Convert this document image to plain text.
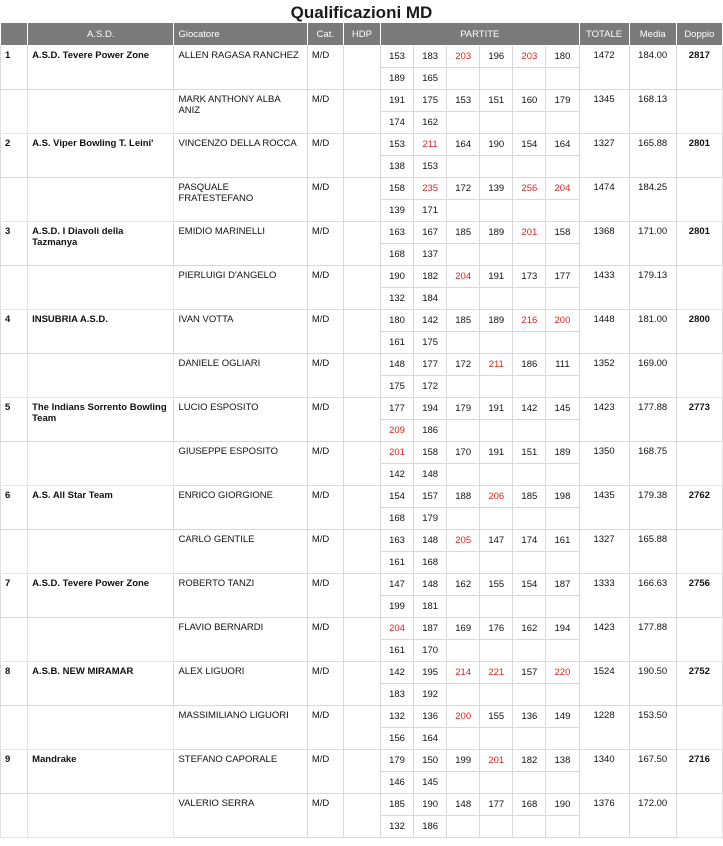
Qualificazioni MD
	A.S.D.	Giocatore	Cat.	HDP	PARTITE						TOTALE	Media	Doppio
1	A.S.D. Tevere Power Zone	ALLEN RAGASA RANCHEZ	M/D		153	183	203	196	203	180	1472	184.00	2817
					189	165							
		MARK ANTHONY ALBA ANIZ	M/D		191	175	153	151	160	179	1345	168.13	
					174	162							
2	A.S. Viper Bowling T. Leini'	VINCENZO DELLA ROCCA	M/D		153	211	164	190	154	164	1327	165.88	2801
					138	153							
		PASQUALE FRATESTEFANO	M/D		158	235	172	139	256	204	1474	184.25	
					139	171							
3	A.S.D. I Diavoli della Tazmanya	EMIDIO MARINELLI	M/D		163	167	185	189	201	158	1368	171.00	2801
					168	137							
		PIERLUIGI D'ANGELO	M/D		190	182	204	191	173	177	1433	179.13	
					132	184							
4	INSUBRIA A.S.D.	IVAN VOTTA	M/D		180	142	185	189	216	200	1448	181.00	2800
					161	175							
		DANIELE OGLIARI	M/D		148	177	172	211	186	111	1352	169.00	
					175	172							
5	The Indians Sorrento Bowling Team	LUCIO ESPOSITO	M/D		177	194	179	191	142	145	1423	177.88	2773
					209	186							
		GIUSEPPE ESPOSITO	M/D		201	158	170	191	151	189	1350	168.75	
					142	148							
6	A.S. All Star Team	ENRICO GIORGIONE	M/D		154	157	188	206	185	198	1435	179.38	2762
					168	179							
		CARLO GENTILE	M/D		163	148	205	147	174	161	1327	165.88	
					161	168							
7	A.S.D. Tevere Power Zone	ROBERTO TANZI	M/D		147	148	162	155	154	187	1333	166.63	2756
					199	181							
		FLAVIO BERNARDI	M/D		204	187	169	176	162	194	1423	177.88	
					161	170							
8	A.S.B. NEW MIRAMAR	ALEX LIGUORI	M/D		142	195	214	221	157	220	1524	190.50	2752
					183	192							
		MASSIMILIANO LIGUORI	M/D		132	136	200	155	136	149	1228	153.50	
					156	164							
9	Mandrake	STEFANO CAPORALE	M/D		179	150	199	201	182	138	1340	167.50	2716
					146	145							
		VALERIO SERRA	M/D		185	190	148	177	168	190	1376	172.00	
					132	186							
